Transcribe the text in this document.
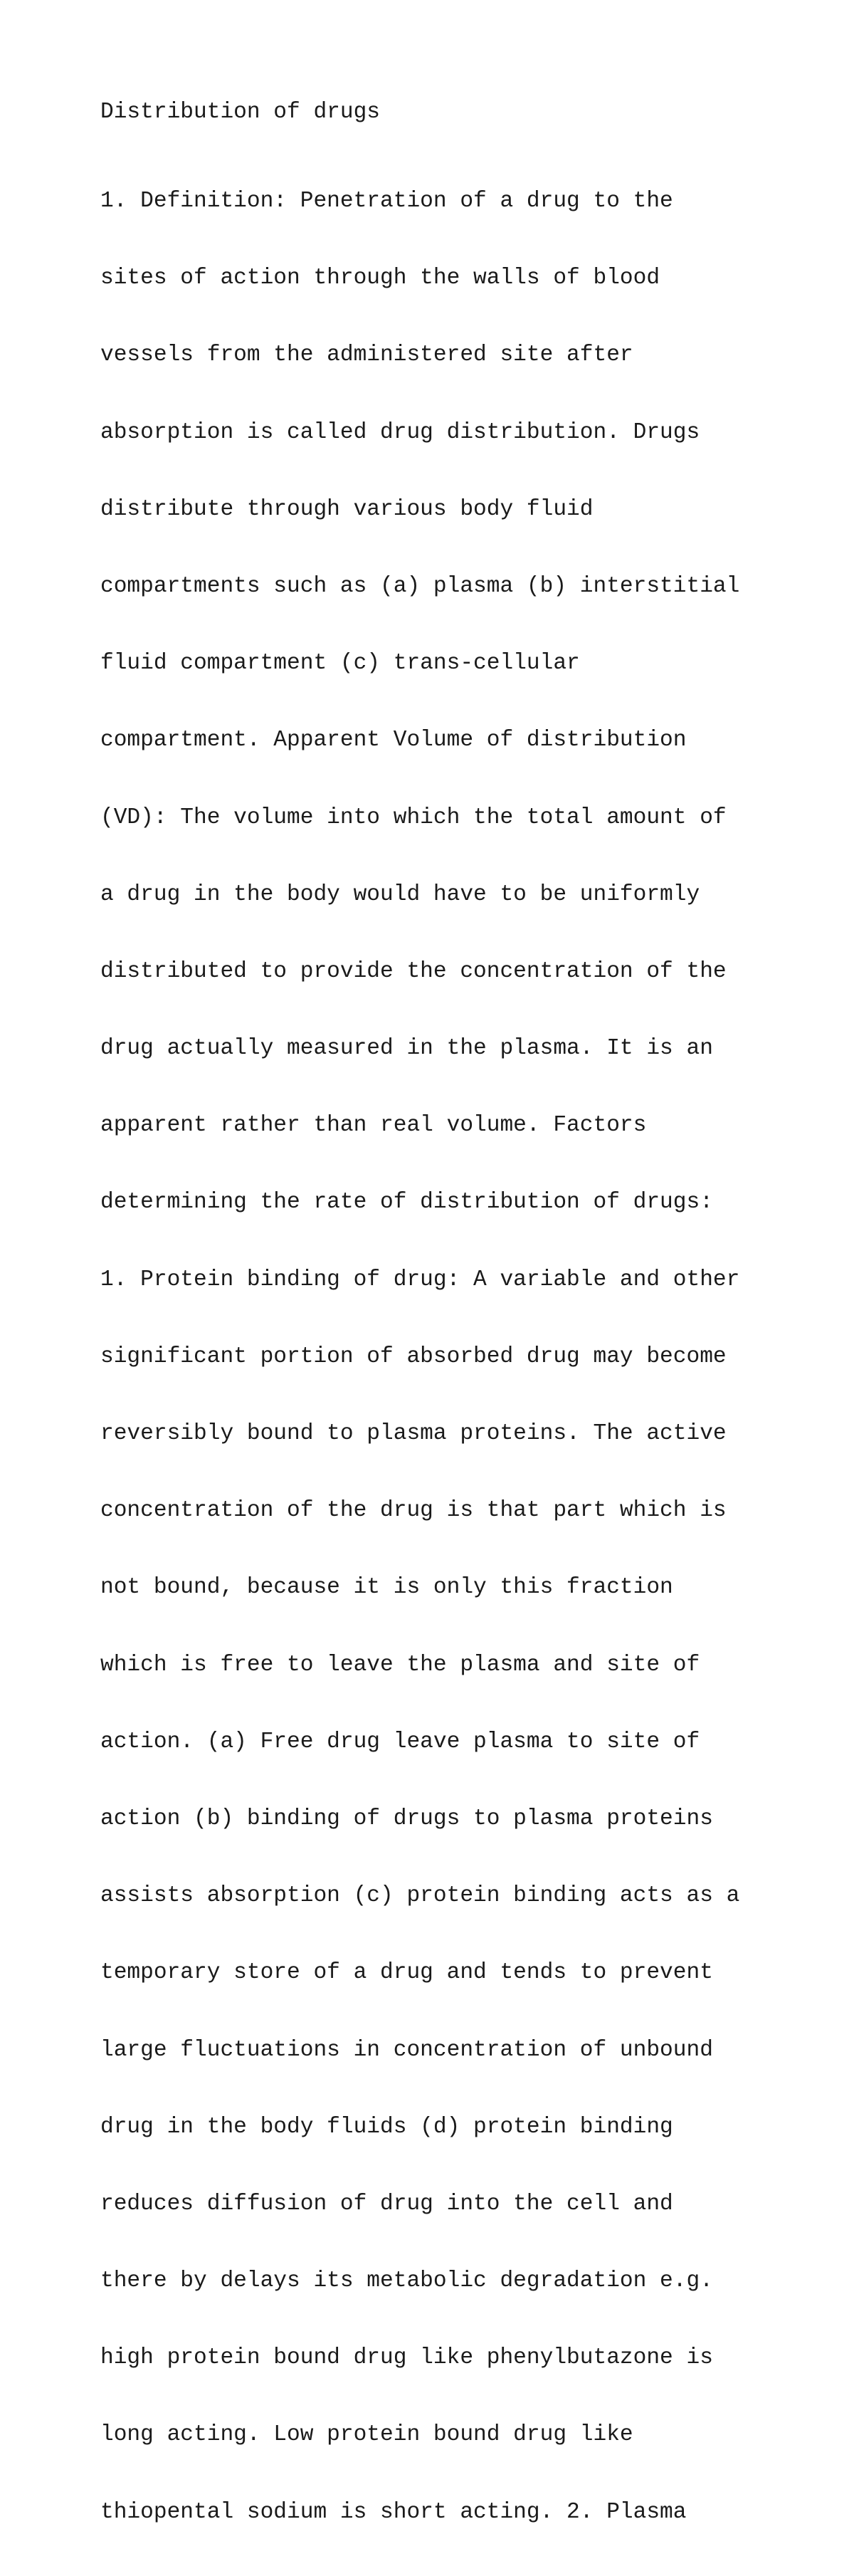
Distribution of drugs

1. Definition: Penetration of a drug to the

sites of action through the walls of blood

vessels from the administered site after

absorption is called drug distribution. Drugs

distribute through various body fluid

compartments such as (a) plasma (b) interstitial

fluid compartment (c) trans-cellular

compartment. Apparent Volume of distribution

(VD): The volume into which the total amount of

a drug in the body would have to be uniformly

distributed to provide the concentration of the

drug actually measured in the plasma. It is an

apparent rather than real volume. Factors

determining the rate of distribution of drugs:

1. Protein binding of drug: A variable and other

significant portion of absorbed drug may become

reversibly bound to plasma proteins. The active

concentration of the drug is that part which is

not bound, because it is only this fraction

which is free to leave the plasma and site of

action. (a) Free drug leave plasma to site of

action (b) binding of drugs to plasma proteins

assists absorption (c) protein binding acts as a

temporary store of a drug and tends to prevent

large fluctuations in concentration of unbound

drug in the body fluids (d) protein binding

reduces diffusion of drug into the cell and

there by delays its metabolic degradation e.g.

high protein bound drug like phenylbutazone is

long acting. Low protein bound drug like

thiopental sodium is short acting. 2. Plasma
